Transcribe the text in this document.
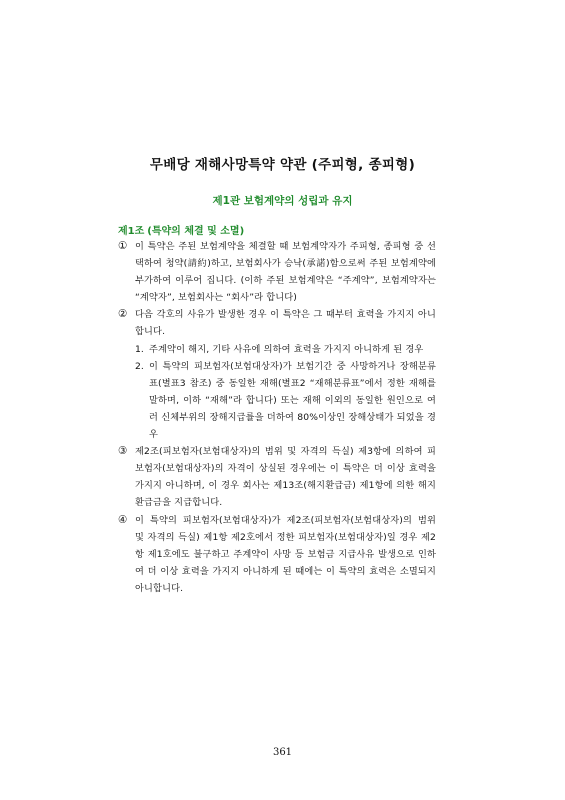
무배당 재해사망특약 약관 (주피형, 종피형)
제1관 보험계약의 성립과 유지
제1조 (특약의 체결 및 소멸)
① 이 특약은 주된 보험계약을 체결할 때 보험계약자가 주피형, 종피형 중 선택하여 청약(請約)하고, 보험회사가 승낙(承諾)함으로써 주된 보험계약에 부가하여 이루어 집니다. (이하 주된 보험계약은 “주계약”, 보험계약자는 “계약자”, 보험회사는 “회사”라 합니다)
② 다음 각호의 사유가 발생한 경우 이 특약은 그 때부터 효력을 가지지 아니합니다.
1. 주계약이 해지, 기타 사유에 의하여 효력을 가지지 아니하게 된 경우
2. 이 특약의 피보험자(보험대상자)가 보험기간 중 사망하거나 장해분류표(별표3 참조) 중 동일한 재해(별표2 “재해분류표”에서 정한 재해를 말하며, 이하 “재해”라 합니다) 또는 재해 이외의 동일한 원인으로 여러 신체부위의 장해지급률을 더하여 80%이상인 장해상태가 되었을 경우
③ 제2조(피보험자(보험대상자)의 범위 및 자격의 득실) 제3항에 의하여 피보험자(보험대상자)의 자격이 상실된 경우에는 이 특약은 더 이상 효력을 가지지 아니하며, 이 경우 회사는 제13조(해지환급금) 제1항에 의한 해지환급금을 지급합니다.
④ 이 특약의 피보험자(보험대상자)가 제2조(피보험자(보험대상자)의 범위 및 자격의 득실) 제1항 제2호에서 정한 피보험자(보험대상자)일 경우 제2항 제1호에도 불구하고 주계약이 사망 등 보험금 지급사유 발생으로 인하여 더 이상 효력을 가지지 아니하게 된 때에는 이 특약의 효력은 소멸되지 아니합니다.
361
